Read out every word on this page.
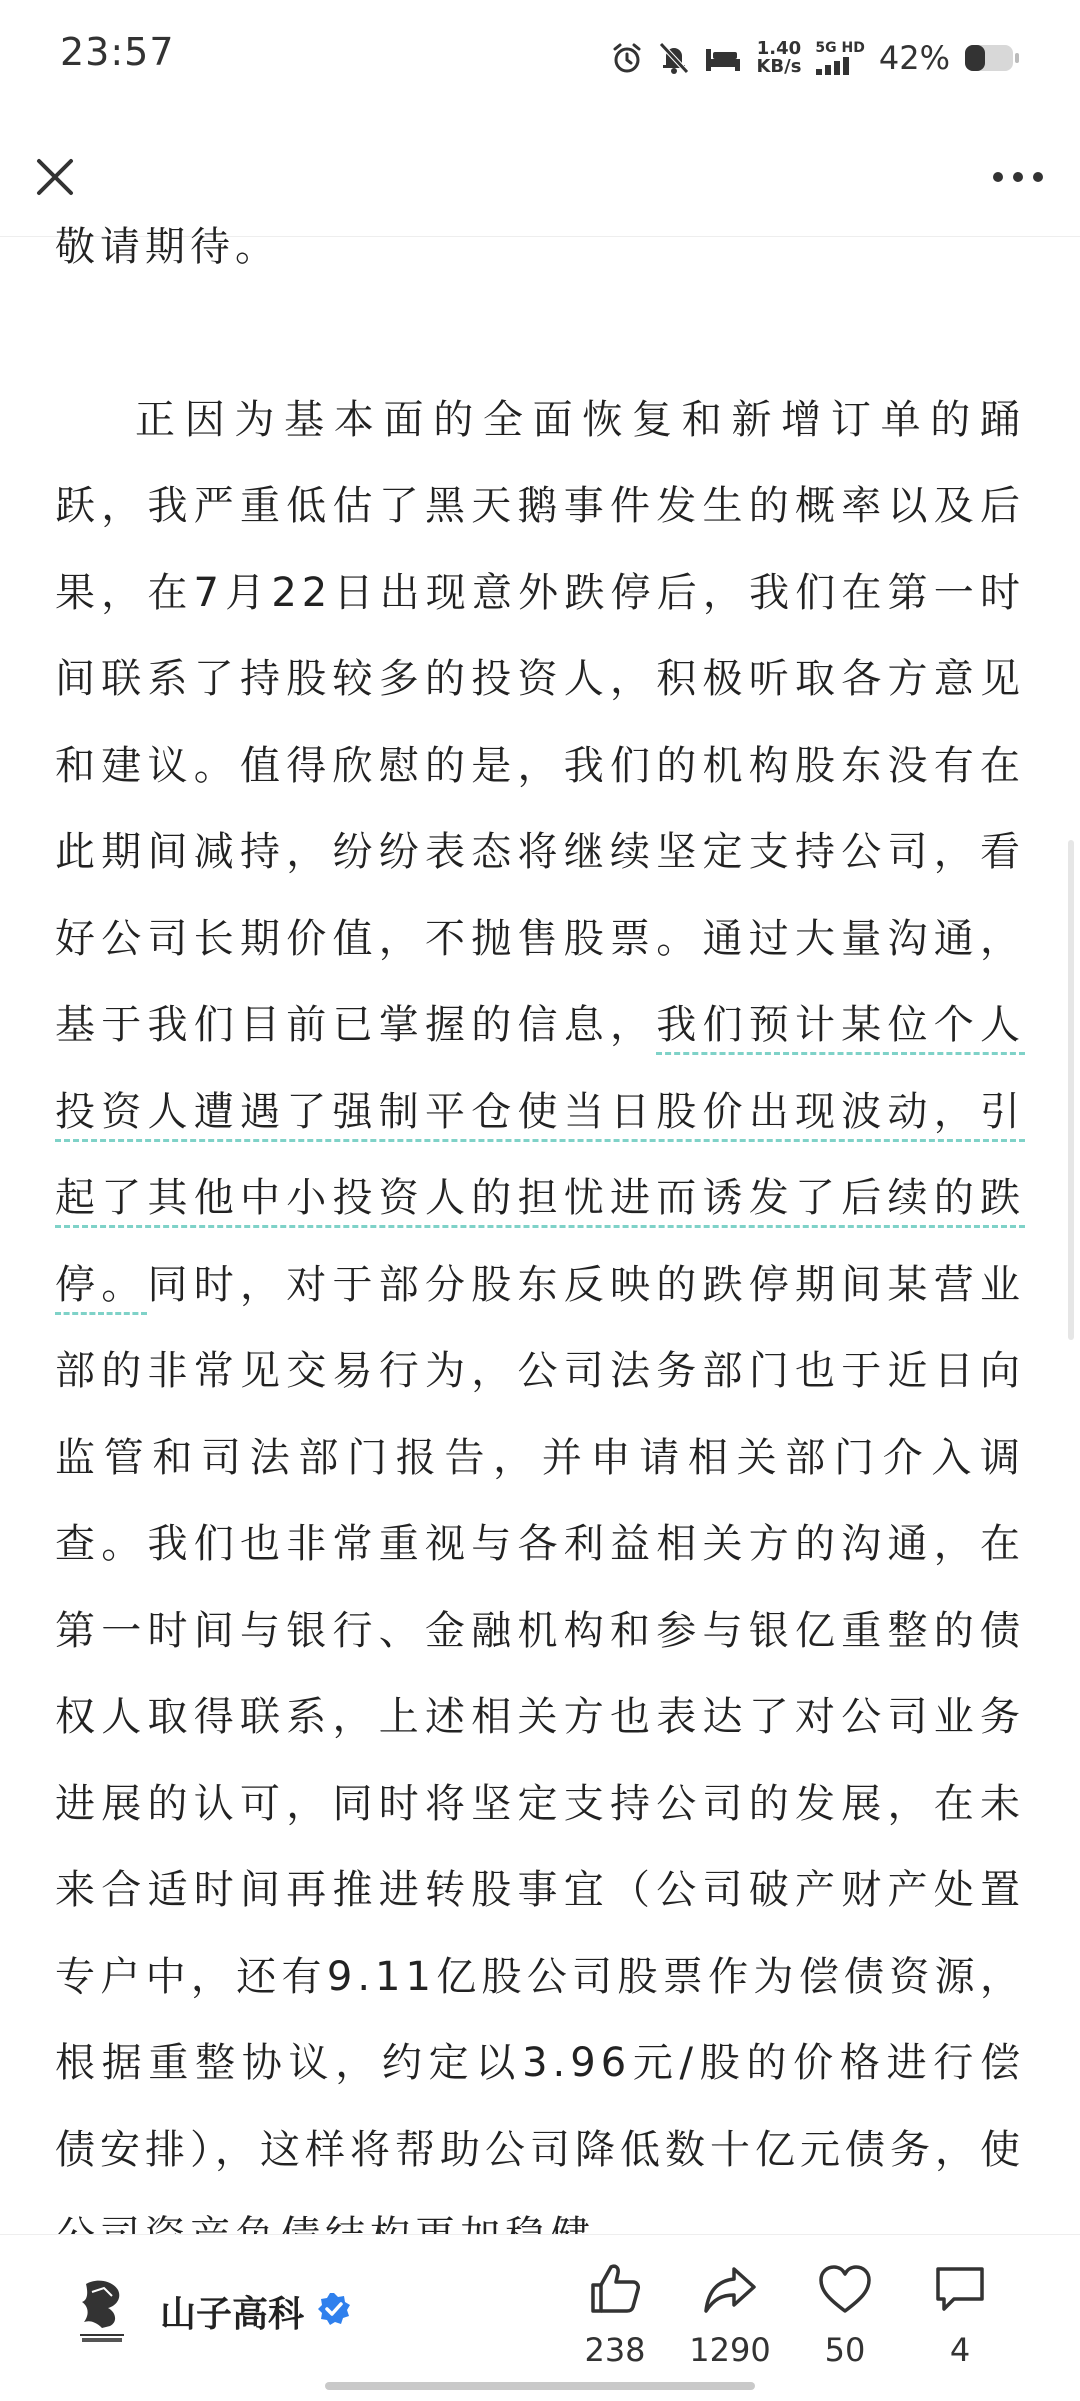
23:57	1.40
KB/s
5G HD 42%

敬请期待。

正因为基本面的全面恢复和新增订单的踊跃，我严重低估了黑天鹅事件发生的概率以及后果，在7月22日出现意外跌停后，我们在第一时间联系了持股较多的投资人，积极听取各方意见和建议。值得欣慰的是，我们的机构股东没有在此期间减持，纷纷表态将继续坚定支持公司，看好公司长期价值，不抛售股票。通过大量沟通，基于我们目前已掌握的信息，我们预计某位个人投资人遭遇了强制平仓使当日股价出现波动，引起了其他中小投资人的担忧进而诱发了后续的跌停。同时，对于部分股东反映的跌停期间某营业部的非常见交易行为，公司法务部门也于近日向监管和司法部门报告，并申请相关部门介入调查。我们也非常重视与各利益相关方的沟通，在第一时间与银行、金融机构和参与银亿重整的债权人取得联系，上述相关方也表达了对公司业务进展的认可，同时将坚定支持公司的发展，在未来合适时间再推进转股事宜（公司破产财产处置专户中，还有9.11亿股公司股票作为偿债资源，根据重整协议，约定以3.96元/股的价格进行偿债安排），这样将帮助公司降低数十亿元债务，使

山子高科
238 1290 50	4
